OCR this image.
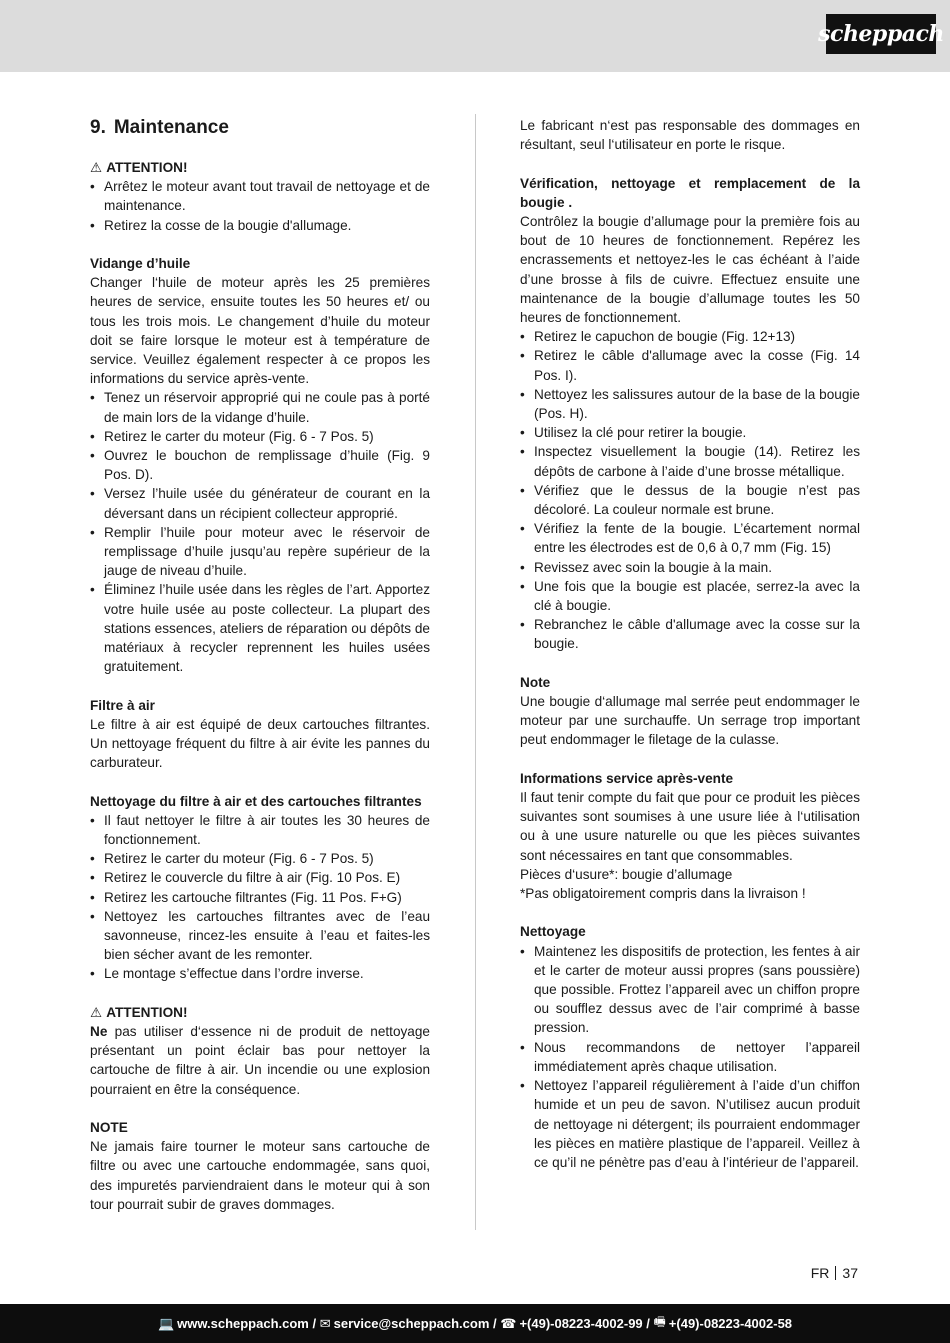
scheppach
9. Maintenance

⚠ ATTENTION!

• Arrêtez le moteur avant tout travail de nettoyage et de maintenance.
• Retirez la cosse de la bougie d'allumage.

Vidange d’huile

Changer l‘huile de moteur après les 25 premières heures de service, ensuite toutes les 50 heures et/ ou tous les trois mois. Le changement d’huile du moteur doit se faire lorsque le moteur est à température de service. Veuillez également respecter à ce propos les informations du service après-vente.

• Tenez un réservoir approprié qui ne coule pas à porté de main lors de la vidange d’huile.
• Retirez le carter du moteur (Fig. 6 - 7 Pos. 5)
• Ouvrez le bouchon de remplissage d’huile (Fig. 9 Pos. D).
• Versez l’huile usée du générateur de courant en la déversant dans un récipient collecteur approprié.
• Remplir l’huile pour moteur avec le réservoir de remplissage d’huile jusqu’au repère supérieur de la jauge de niveau d’huile.
• Éliminez l’huile usée dans les règles de l’art. Apportez votre huile usée au poste collecteur. La plupart des stations essences, ateliers de réparation ou dépôts de matériaux à recycler reprennent les huiles usées gratuitement.

Filtre à air

Le filtre à air est équipé de deux cartouches filtrantes. Un nettoyage fréquent du filtre à air évite les pannes du carburateur.

Nettoyage du filtre à air et des cartouches filtrantes

• Il faut nettoyer le filtre à air toutes les 30 heures de fonctionnement.
• Retirez le carter du moteur (Fig. 6 - 7 Pos. 5)
• Retirez le couvercle du filtre à air (Fig. 10 Pos. E)
• Retirez les cartouche filtrantes (Fig. 11 Pos. F+G)
• Nettoyez les cartouches filtrantes avec de l’eau savonneuse, rincez-les ensuite à l’eau et faites-les bien sécher avant de les remonter.
• Le montage s’effectue dans l’ordre inverse.

⚠ ATTENTION!

Ne pas utiliser d‘essence ni de produit de nettoyage présentant un point éclair bas pour nettoyer la cartouche de filtre à air. Un incendie ou une explosion pourraient en être la conséquence.

NOTE

Ne jamais faire tourner le moteur sans cartouche de filtre ou avec une cartouche endommagée, sans quoi, des impuretés parviendraient dans le moteur qui à son tour pourrait subir de graves dommages.

Le fabricant n‘est pas responsable des dommages en résultant, seul l‘utilisateur en porte le risque.

Vérification, nettoyage et remplacement de la bougie .

Contrôlez la bougie d’allumage pour la première fois au bout de 10 heures de fonctionnement. Repérez les encrassements et nettoyez-les le cas échéant à l’aide d’une brosse à fils de cuivre. Effectuez ensuite une maintenance de la bougie d’allumage toutes les 50 heures de fonctionnement.

• Retirez le capuchon de bougie (Fig. 12+13)
• Retirez le câble d'allumage avec la cosse (Fig. 14 Pos. I).
• Nettoyez les salissures autour de la base de la bougie (Pos. H).
• Utilisez la clé pour retirer la bougie.
• Inspectez visuellement la bougie (14). Retirez les dépôts de carbone à l’aide d’une brosse métallique.
• Vérifiez que le dessus de la bougie n’est pas décoloré. La couleur normale est brune.
• Vérifiez la fente de la bougie. L’écartement normal entre les électrodes est de 0,6 à 0,7 mm (Fig. 15)
• Revissez avec soin la bougie à la main.
• Une fois que la bougie est placée, serrez-la avec la clé à bougie.
• Rebranchez le câble d'allumage avec la cosse sur la bougie.

Note

Une bougie d‘allumage mal serrée peut endommager le moteur par une surchauffe. Un serrage trop important peut endommager le filetage de la culasse.

Informations service après-vente

Il faut tenir compte du fait que pour ce produit les pièces suivantes sont soumises à une usure liée à l‘utilisation ou à une usure naturelle ou que les pièces suivantes sont nécessaires en tant que consommables.

Pièces d‘usure*: bougie d’allumage

*Pas obligatoirement compris dans la livraison !

Nettoyage

• Maintenez les dispositifs de protection, les fentes à air et le carter de moteur aussi propres (sans poussière) que possible. Frottez l’appareil avec un chiffon propre ou soufflez dessus avec de l’air comprimé à basse pression.
• Nous recommandons de nettoyer l’appareil immédiatement après chaque utilisation.
• Nettoyez l’appareil régulièrement à l’aide d’un chiffon humide et un peu de savon. N’utilisez aucun produit de nettoyage ni détergent; ils pourraient endommager les pièces en matière plastique de l’appareil. Veillez à ce qu’il ne pénètre pas d’eau à l’intérieur de l’appareil.
FR 37
💻 www.scheppach.com /
✉ service@scheppach.com /
☎ +(49)-08223-4002-99 /
🖷 +(49)-08223-4002-58
